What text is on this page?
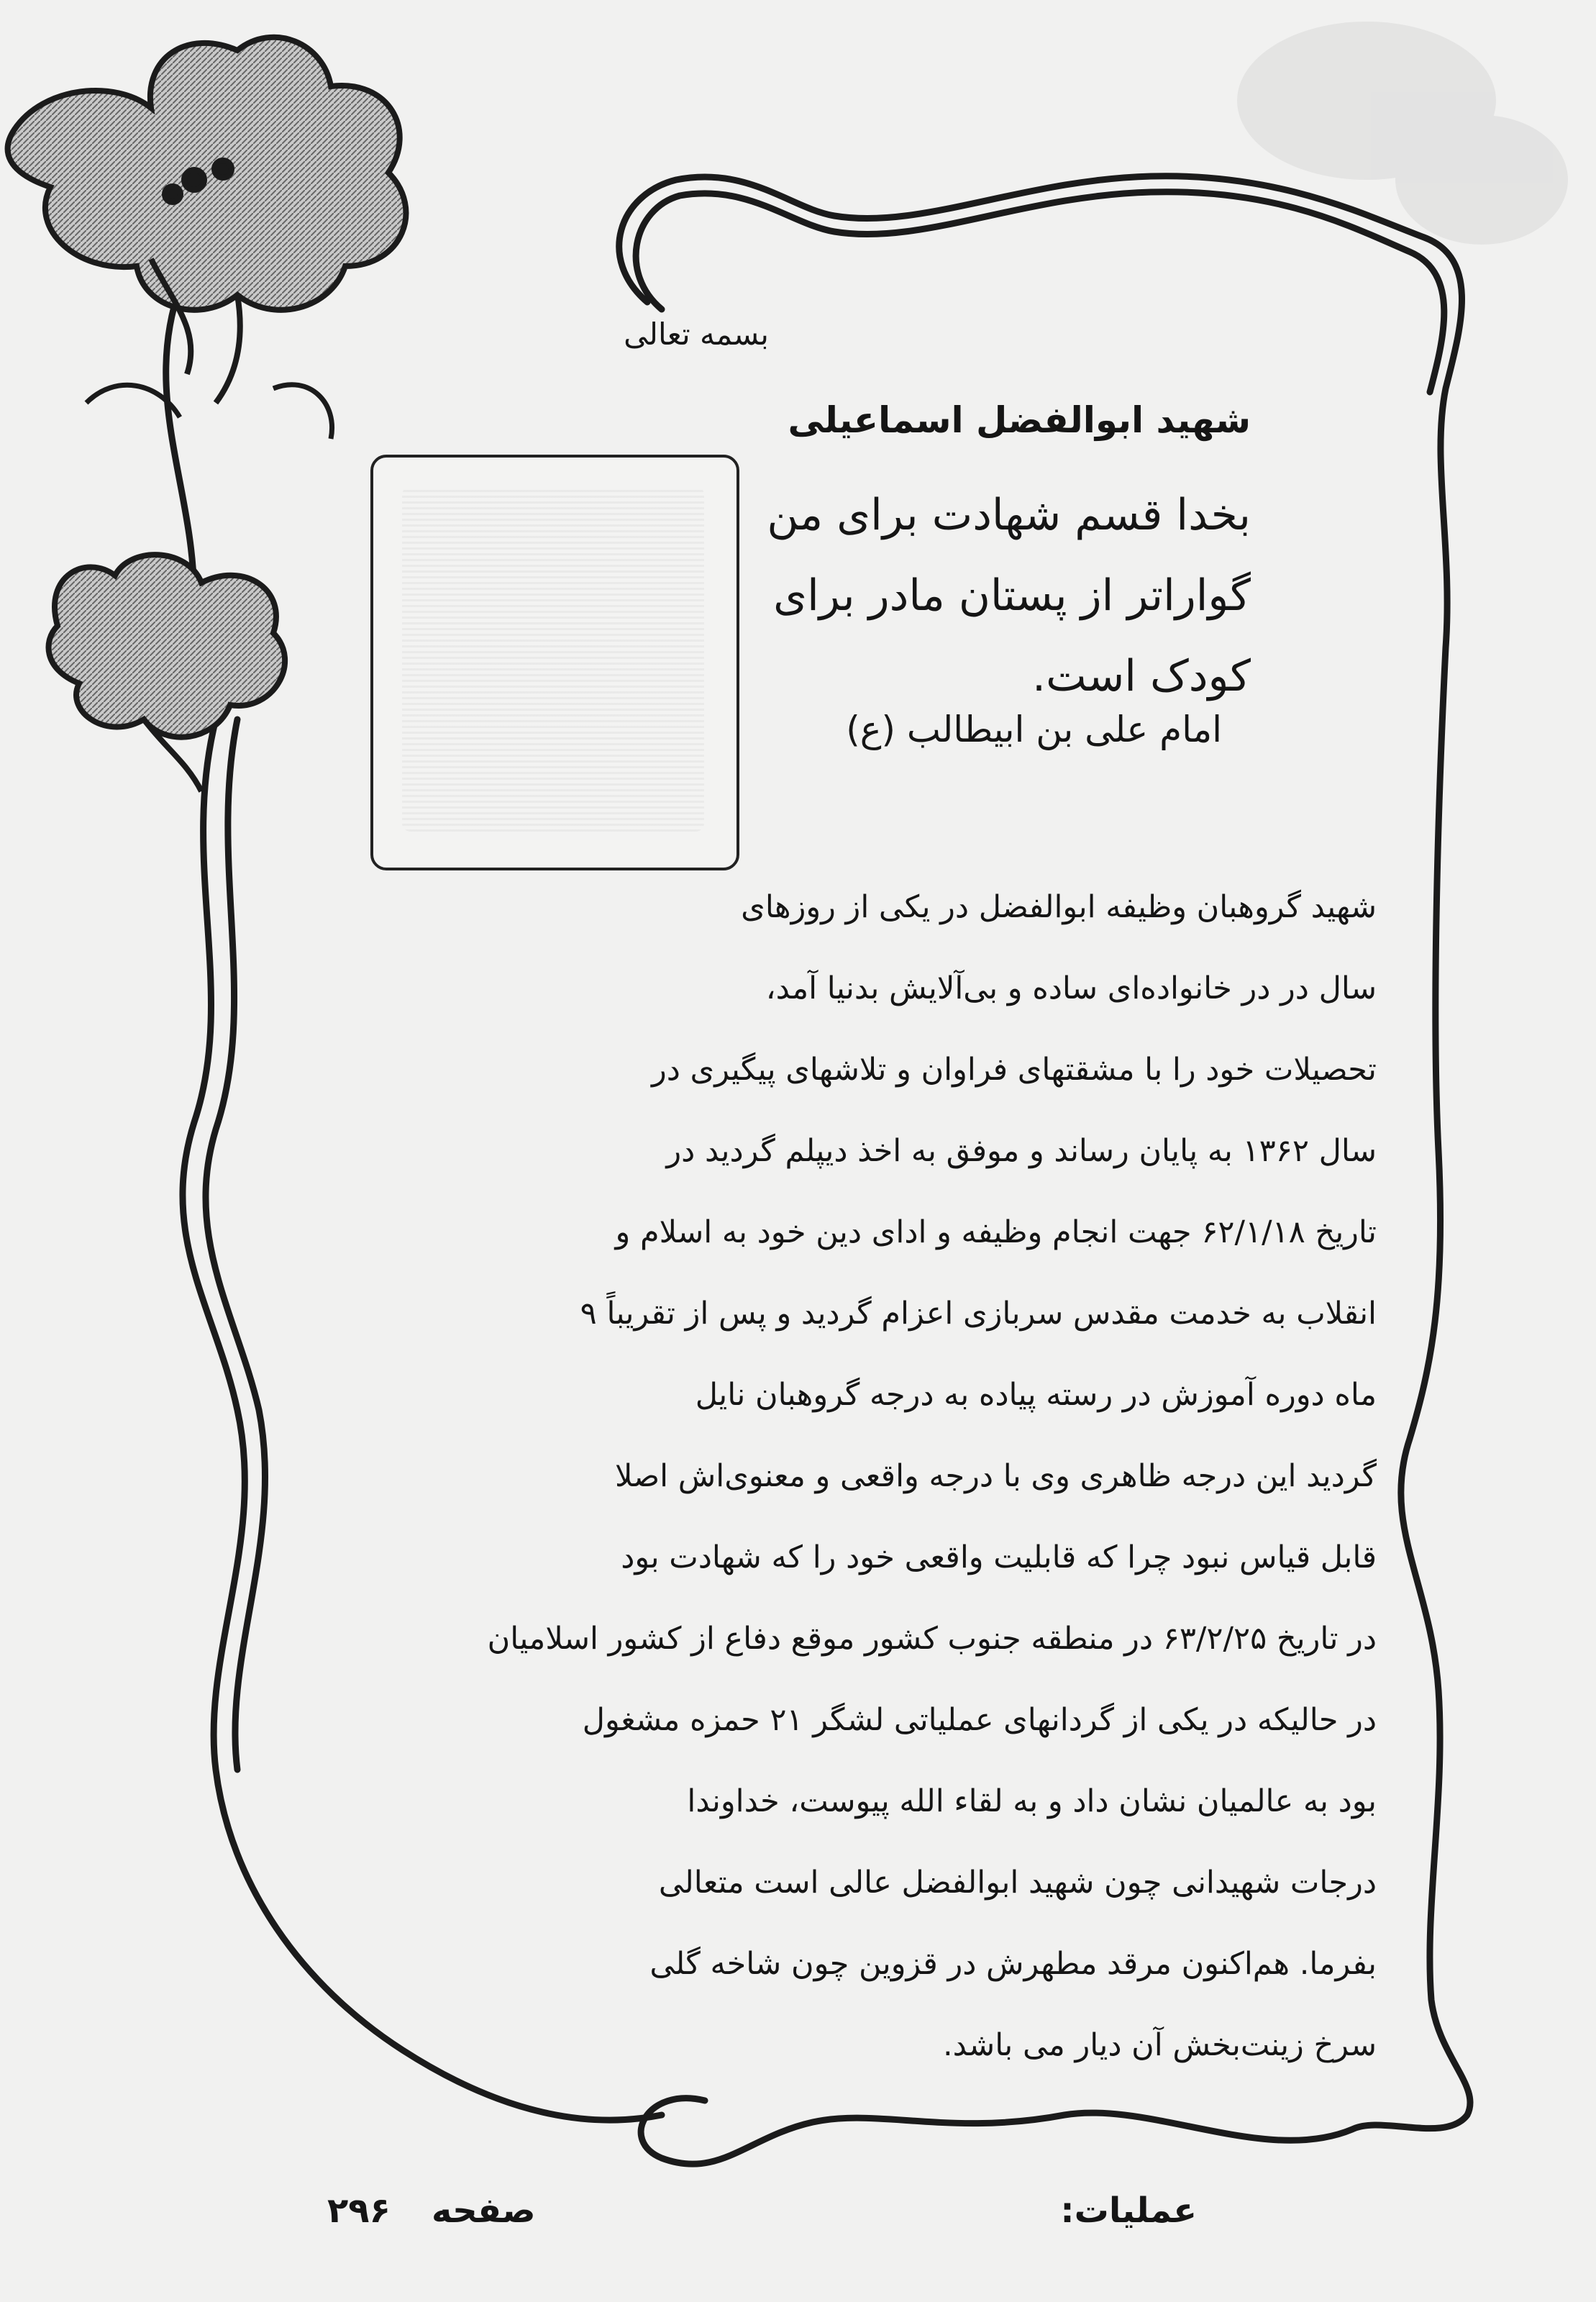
بسمه تعالی
شهید ابوالفضل اسماعیلی
بخدا قسم شهادت برای من
گواراتر از پستان مادر برای
کودک است.
امام علی بن ابیطالب (ع)
شهید گروهبان وظیفه ابوالفضل در یکی از روزهای
سال در در خانواده‌ای ساده و بی‌آلایش بدنیا آمد،
تحصیلات خود را با مشقتهای فراوان و تلاشهای پیگیری در
سال ۱۳۶۲ به پایان رساند و موفق به اخذ دیپلم گردید در
تاریخ ۶۲/۱/۱۸ جهت انجام وظیفه و ادای دین خود به اسلام و
انقلاب به خدمت مقدس سربازی اعزام گردید و پس از تقریباً ۹
ماه دوره آموزش در رسته پیاده به درجه گروهبان نایل
گردید این درجه ظاهری وی با درجه واقعی و معنوی‌اش اصلا
قابل قیاس نبود چرا که قابلیت واقعی خود را که شهادت بود
در تاریخ ۶۳/۲/۲۵ در منطقه جنوب کشور موقع دفاع از کشور اسلامیان
در حالیکه در یکی از گردانهای عملیاتی لشگر ۲۱ حمزه مشغول
بود به عالمیان نشان داد و به لقاء الله پیوست، خداوندا
درجات شهیدانی چون شهید ابوالفضل عالی است متعالی
بفرما. هم‌اکنون مرقد مطهرش در قزوین چون شاخه گلی
سرخ زینت‌بخش آن دیار می باشد.
عملیات:
صفحه
۲۹۶
